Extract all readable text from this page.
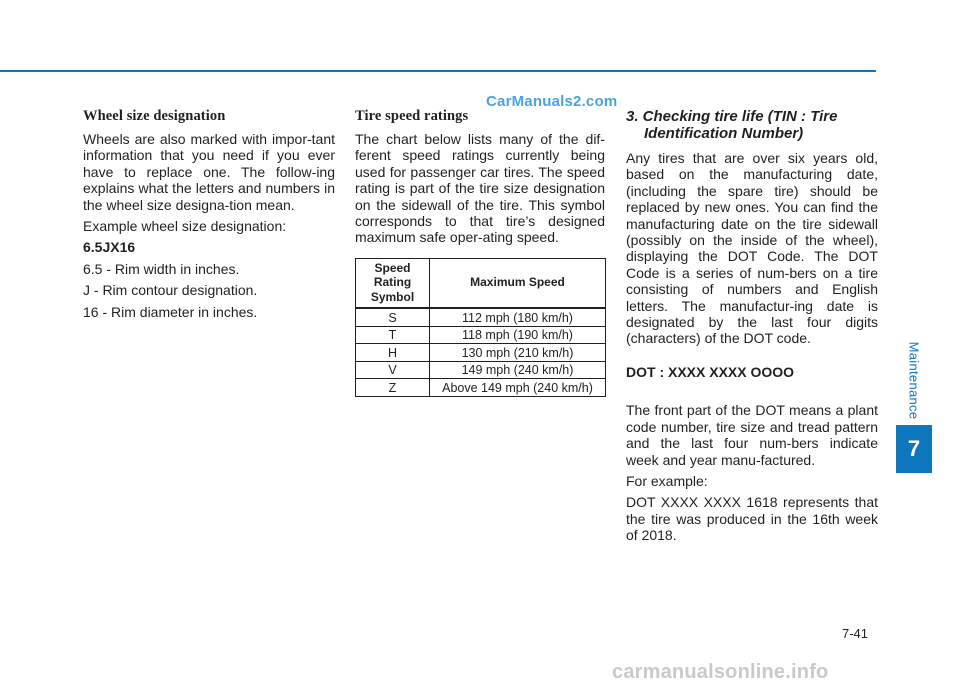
CarManuals2.com
Wheel size designation

Wheels are also marked with impor-tant information that you need if you ever have to replace one. The follow-ing explains what the letters and numbers in the wheel size designa-tion mean.

Example wheel size designation:

6.5JX16

6.5 - Rim width in inches.

J - Rim contour designation.

16 - Rim diameter in inches.

Tire speed ratings

The chart below lists many of the dif-ferent speed ratings currently being used for passenger car tires. The speed rating is part of the tire size designation on the sidewall of the tire. This symbol corresponds to that tire’s designed maximum safe oper-ating speed.

Speed
Rating
Symbol	Maximum Speed
S	112 mph (180 km/h)
T	118 mph (190 km/h)
H	130 mph (210 km/h)
V	149 mph (240 km/h)
Z	Above 149 mph (240 km/h)
3. Checking tire life (TIN : Tire Identification Number)

Any tires that are over six years old, based on the manufacturing date, (including the spare tire) should be replaced by new ones. You can find the manufacturing date on the tire sidewall (possibly on the inside of the wheel), displaying the DOT Code. The DOT Code is a series of num-bers on a tire consisting of numbers and English letters. The manufactur-ing date is designated by the last four digits (characters) of the DOT code.

DOT : XXXX XXXX OOOO

The front part of the DOT means a plant code number, tire size and tread pattern and the last four num-bers indicate week and year manu-factured.

For example:

DOT XXXX XXXX 1618 represents that the tire was produced in the 16th week of 2018.

Maintenance
7
7-41
carmanualsonline.info
